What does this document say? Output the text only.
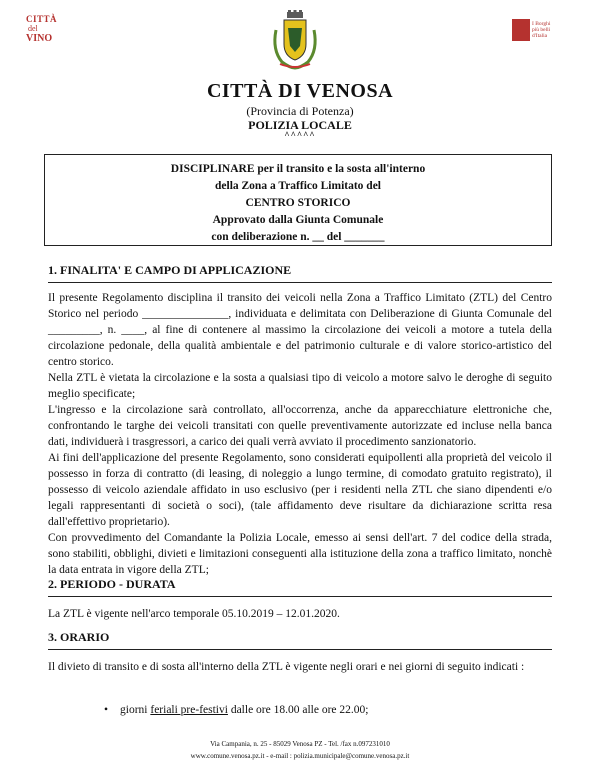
CITTÀ
del
VINO
I Borghi
più belli
d'Italia
CITTÀ DI VENOSA
(Provincia di Potenza)
POLIZIA LOCALE
^^^^^
DISCIPLINARE per il transito e la sosta all'interno
della Zona a Traffico Limitato del
CENTRO STORICO
Approvato dalla Giunta Comunale
con deliberazione n. __ del _______
1. FINALITA' E CAMPO DI APPLICAZIONE

Il presente Regolamento disciplina il transito dei veicoli nella Zona a Traffico Limitato (ZTL) del Centro Storico nel periodo _______________, individuata e delimitata con Deliberazione di Giunta Comunale del _________, n. ____, al fine di contenere al massimo la circolazione dei veicoli a motore a tutela della circolazione pedonale, della qualità ambientale e del patrimonio culturale e di valore storico-artistico del centro storico.

Nella ZTL è vietata la circolazione e la sosta a qualsiasi tipo di veicolo a motore salvo le deroghe di seguito meglio specificate;

L'ingresso e la circolazione sarà controllato, all'occorrenza, anche da apparecchiature elettroniche che, confrontando le targhe dei veicoli transitati con quelle preventivamente autorizzate ed incluse nella banca dati, individuerà i trasgressori, a carico dei quali verrà avviato il procedimento sanzionatorio.

Ai fini dell'applicazione del presente Regolamento, sono considerati equipollenti alla proprietà del veicolo il possesso in forza di contratto (di leasing, di noleggio a lungo termine, di comodato gratuito registrato), il possesso di veicolo aziendale affidato in uso esclusivo (per i residenti nella ZTL che siano dipendenti e/o legali rappresentanti di società o soci), (tale affidamento deve risultare da dichiarazione scritta resa dall'effettivo proprietario).

Con provvedimento del Comandante la Polizia Locale, emesso ai sensi dell'art. 7 del codice della strada, sono stabiliti, obblighi, divieti e limitazioni conseguenti alla istituzione della zona a traffico limitato, nonchè la data entrata in vigore della ZTL;

2. PERIODO - DURATA
La ZTL è vigente nell'arco temporale 05.10.2019 – 12.01.2020.
3. ORARIO
Il divieto di transito e di sosta all'interno della ZTL è vigente negli orari e nei giorni di seguito indicati :
• giorni feriali pre-festivi dalle ore 18.00 alle ore 22.00;
Via Campania, n. 25 - 85029 Venosa PZ - Tel. /fax n.097231010
www.comune.venosa.pz.it - e-mail : polizia.municipale@comune.venosa.pz.it
